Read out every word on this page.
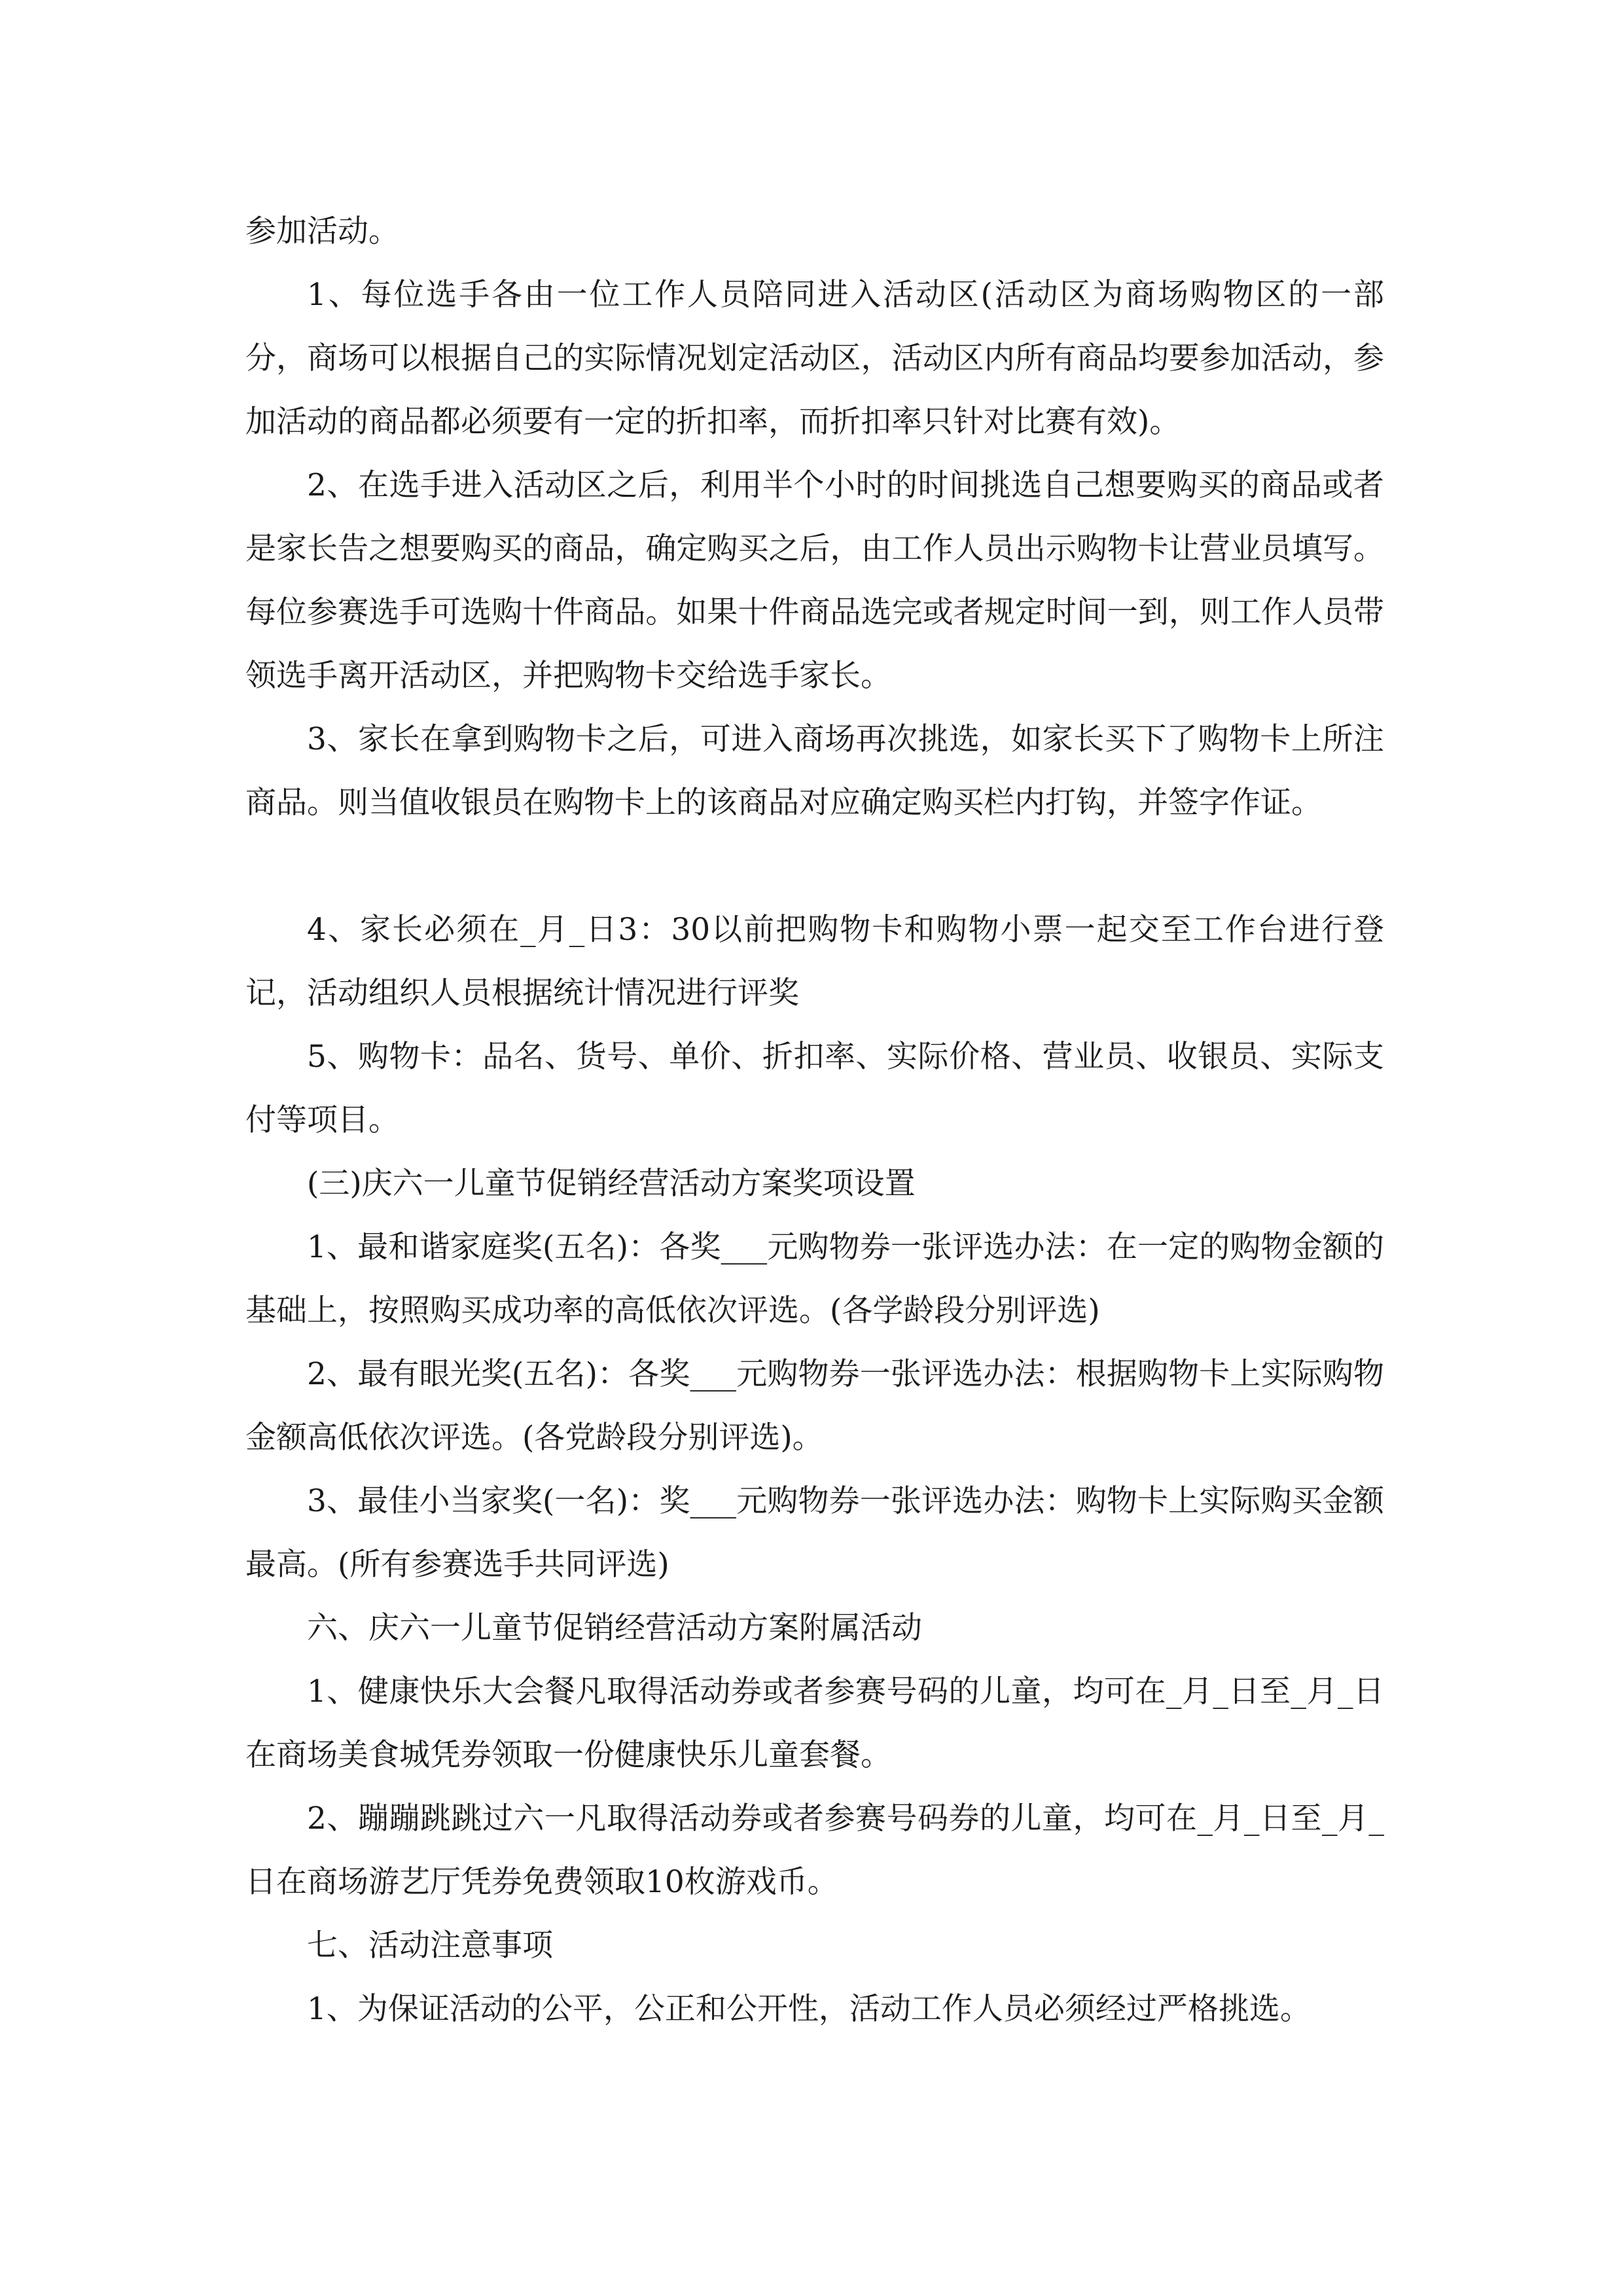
参加活动。

1、每位选手各由一位工作人员陪同进入活动区(活动区为商场购物区的一部分，商场可以根据自己的实际情况划定活动区，活动区内所有商品均要参加活动，参加活动的商品都必须要有一定的折扣率，而折扣率只针对比赛有效)。

2、在选手进入活动区之后，利用半个小时的时间挑选自己想要购买的商品或者是家长告之想要购买的商品，确定购买之后，由工作人员出示购物卡让营业员填写。每位参赛选手可选购十件商品。如果十件商品选完或者规定时间一到，则工作人员带领选手离开活动区，并把购物卡交给选手家长。

3、家长在拿到购物卡之后，可进入商场再次挑选，如家长买下了购物卡上所注商品。则当值收银员在购物卡上的该商品对应确定购买栏内打钩，并签字作证。

4、家长必须在_月_日3：30以前把购物卡和购物小票一起交至工作台进行登记，活动组织人员根据统计情况进行评奖

5、购物卡：品名、货号、单价、折扣率、实际价格、营业员、收银员、实际支付等项目。

(三)庆六一儿童节促销经营活动方案奖项设置

1、最和谐家庭奖(五名)：各奖___元购物券一张评选办法：在一定的购物金额的基础上，按照购买成功率的高低依次评选。(各学龄段分别评选)

2、最有眼光奖(五名)：各奖___元购物券一张评选办法：根据购物卡上实际购物金额高低依次评选。(各党龄段分别评选)。

3、最佳小当家奖(一名)：奖___元购物券一张评选办法：购物卡上实际购买金额最高。(所有参赛选手共同评选)

六、庆六一儿童节促销经营活动方案附属活动

1、健康快乐大会餐凡取得活动券或者参赛号码的儿童，均可在_月_日至_月_日在商场美食城凭券领取一份健康快乐儿童套餐。

2、蹦蹦跳跳过六一凡取得活动券或者参赛号码券的儿童，均可在_月_日至_月_日在商场游艺厅凭券免费领取10枚游戏币。

七、活动注意事项

1、为保证活动的公平，公正和公开性，活动工作人员必须经过严格挑选。
